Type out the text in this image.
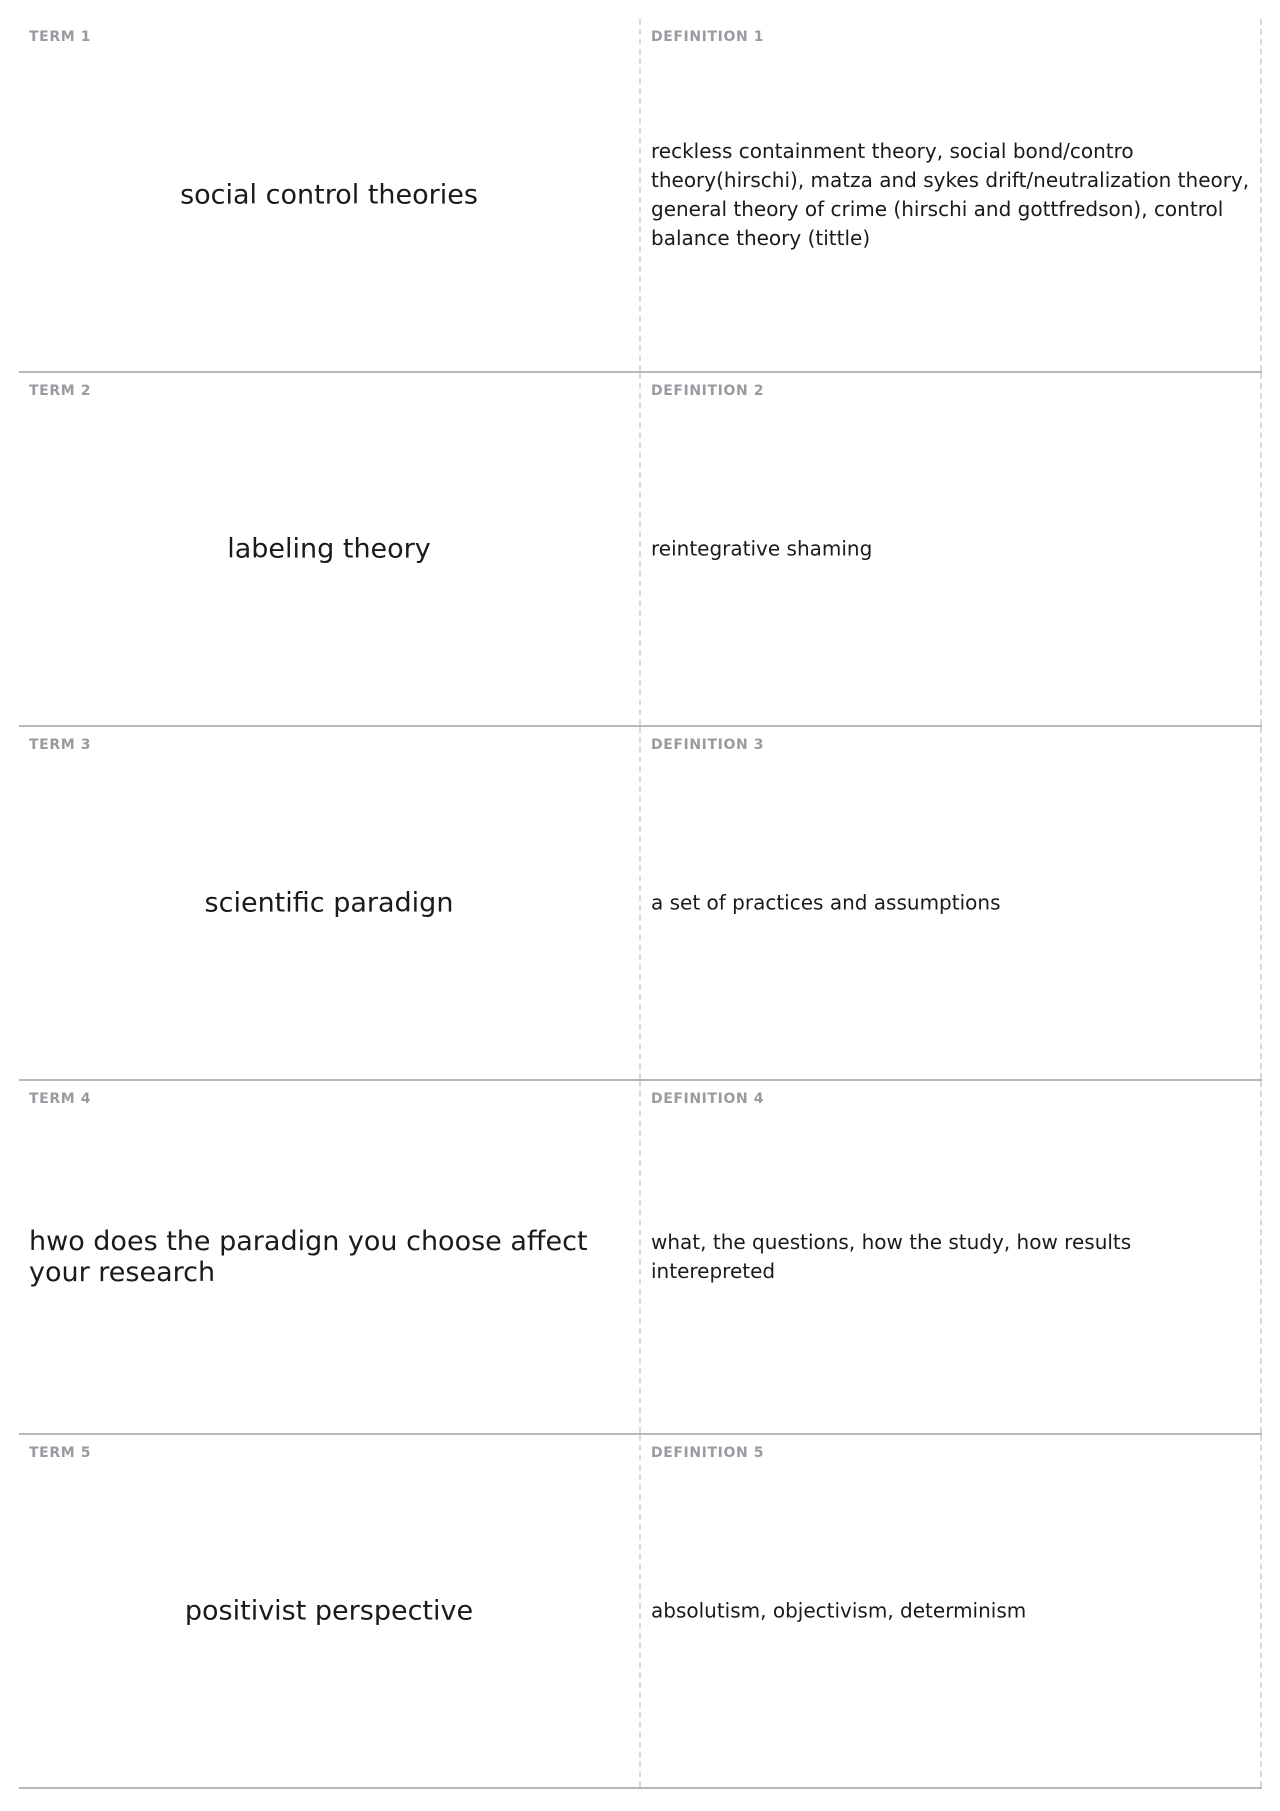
TERM 1
social control theories
DEFINITION 1
reckless containment theory, social bond/contro theory(hirschi), matza and sykes drift/neutralization theory, general theory of crime (hirschi and gottfredson), control balance theory (tittle)
TERM 2
labeling theory
DEFINITION 2
reintegrative shaming
TERM 3
scientific paradign
DEFINITION 3
a set of practices and assumptions
TERM 4
hwo does the paradign you choose affect your research
DEFINITION 4
what, the questions, how the study, how results interepreted
TERM 5
positivist perspective
DEFINITION 5
absolutism, objectivism, determinism
